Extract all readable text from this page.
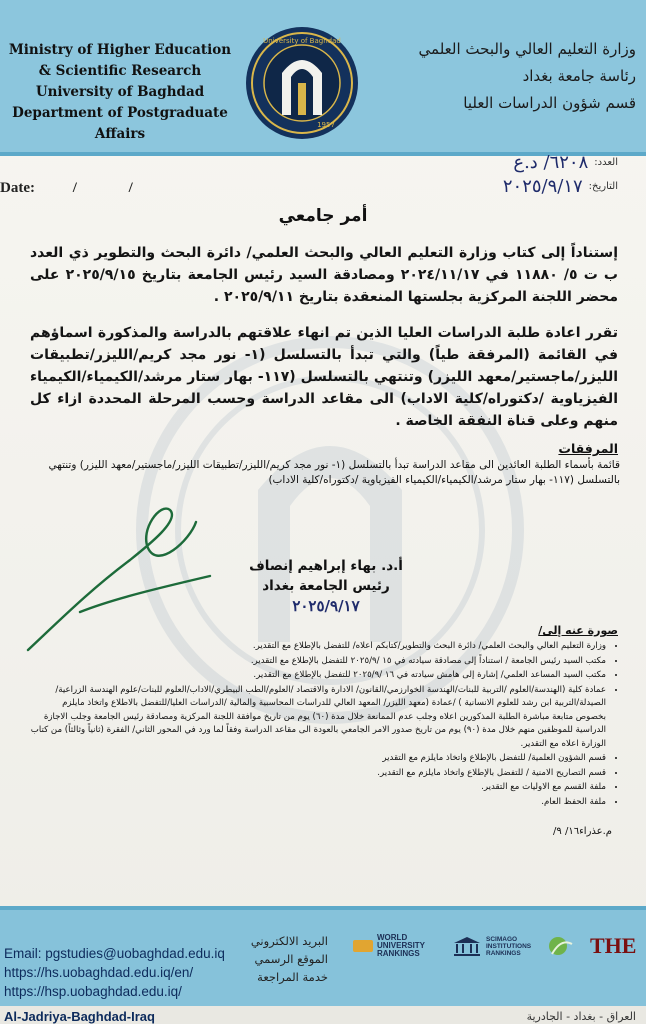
Ministry of Higher Education
& Scientific Research
University of Baghdad
Department of Postgraduate Affairs
University of Baghdad
1957
وزارة التعليم العالي والبحث العلمي
رئاسة جامعة بغداد
قسم شؤون الدراسات العليا
العدد:
٦٢٠٨/ د.ع
التاريخ:
٢٠٢٥/٩/١٧
Date:	/ /
أمر جامعي
إستناداً إلى كتاب وزارة التعليم العالي والبحث العلمي/ دائرة البحث والتطوير ذي العدد ب ت ٥/ ١١٨٨٠ في ٢٠٢٤/١١/١٧ ومصادقة السيد رئيس الجامعة بتاريخ ٢٠٢٥/٩/١٥ على محضر اللجنة المركزية بجلستها المنعقدة بتاريخ ٢٠٢٥/٩/١١ .
تقرر اعادة طلبة الدراسات العليا الذين تم انهاء علاقتهم بالدراسة والمذكورة اسماؤهم في القائمة (المرفقة طياً) والتي تبدأ بالتسلسل (١- نور مجد كريم/الليزر/تطبيقات الليزر/ماجستير/معهد الليزر) وتنتهي بالتسلسل (١١٧- بهار ستار مرشد/الكيمياء/الكيمياء الفيزياوية /دكتوراه/كلية الاداب) الى مقاعد الدراسة وحسب المرحلة المحددة ازاء كل منهم وعلى قناة النفقة الخاصة .
المرفقات
قائمة بأسماء الطلبة العائدين الى مقاعد الدراسة تبدأ بالتسلسل (١- نور مجد كريم/الليزر/تطبيقات الليزر/ماجستير/معهد الليزر) وتنتهي بالتسلسل (١١٧- بهار ستار مرشد/الكيمياء/الكيمياء الفيزياوية /دكتوراه/كلية الاداب)
أ.د. بهاء إبراهيم إنصاف
رئيس الجامعة بغداد
٢٠٢٥/٩/١٧
صورة عنه إلى/
• وزارة التعليم العالي والبحث العلمي/ دائرة البحث والتطوير/كتابكم اعلاه/ للتفضل بالإطلاع مع التقدير.
• مكتب السيد رئيس الجامعة / استناداً إلى مصادقة سيادته في ١٥ /٢٠٢٥/٩ للتفضل بالإطلاع مع التقدير.
• مكتب السيد المساعد العلمي/ إشارة إلى هامش سيادته في ١٦ /٢٠٢٥/٩ للتفضل بالإطلاع مع التقدير.
• عمادة كلية (الهندسة/العلوم /التربية للبنات/الهندسة الخوارزمي/القانون/ الادارة والاقتصاد /العلوم/الطب البيطري/الاداب/العلوم للبنات/علوم الهندسة الزراعية/الصيدلة/التربية ابن رشد للعلوم الانسانية ) /عمادة (معهد الليزر/ المعهد العالي للدراسات المحاسبية والمالية /الدراسات العليا/للتفضل بالاطلاع واتخاذ مايلزم بخصوص متابعة مباشرة الطلبة المذكورين اعلاه وجلب عدم الممانعة خلال مدة (٦٠) يوم من تاريخ موافقة اللجنة المركزية ومصادقة رئيس الجامعة وجلب الاجازة الدراسية للموظفين منهم خلال مدة (٩٠) يوم من تاريخ صدور الامر الجامعي بالعودة الى مقاعد الدراسة وفقاً لما ورد في المحور الثاني/ الفقرة (ثانياً وثالثاً) من كتاب الوزارة اعلاه مع التقدير.
• قسم الشؤون العلمية/ للتفضل بالإطلاع واتخاذ مايلزم مع التقدير
• قسم التصاريح الامنية / للتفضل بالإطلاع واتخاذ مايلزم مع التقدير.
• ملفة القسم مع الاوليات مع التقدير.
• ملفة الحفظ العام.
م.عذراء١٦/ ٩/
Email: pgstudies@uobaghdad.edu.iq
https://hs.uobaghdad.edu.iq/en/
https://hsp.uobaghdad.edu.iq/
البريد الالكتروني
الموقع الرسمي
خدمة المراجعة
WORLD UNIVERSITY RANKINGS
SCIMAGO INSTITUTIONS RANKINGS	THE
Al-Jadriya-Baghdad-Iraq	العراق - بغداد - الجادرية
